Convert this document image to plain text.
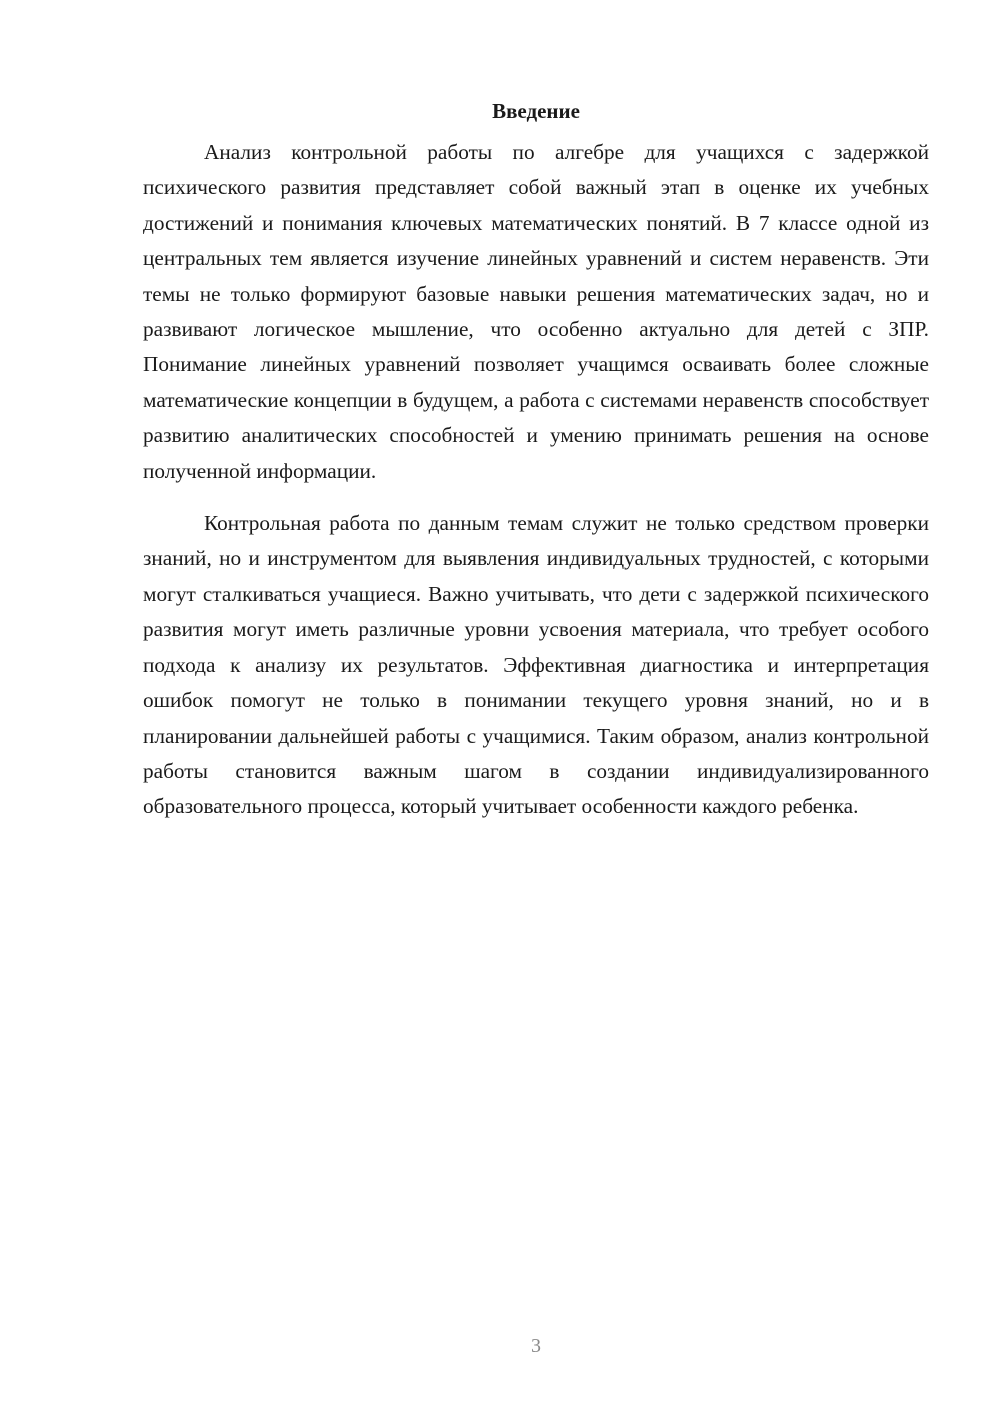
Введение

Анализ контрольной работы по алгебре для учащихся с задержкой психического развития представляет собой важный этап в оценке их учебных достижений и понимания ключевых математических понятий. В 7 классе одной из центральных тем является изучение линейных уравнений и систем неравенств. Эти темы не только формируют базовые навыки решения математических задач, но и развивают логическое мышление, что особенно актуально для детей с ЗПР. Понимание линейных уравнений позволяет учащимся осваивать более сложные математические концепции в будущем, а работа с системами неравенств способствует развитию аналитических способностей и умению принимать решения на основе полученной информации.

Контрольная работа по данным темам служит не только средством проверки знаний, но и инструментом для выявления индивидуальных трудностей, с которыми могут сталкиваться учащиеся. Важно учитывать, что дети с задержкой психического развития могут иметь различные уровни усвоения материала, что требует особого подхода к анализу их результатов. Эффективная диагностика и интерпретация ошибок помогут не только в понимании текущего уровня знаний, но и в планировании дальнейшей работы с учащимися. Таким образом, анализ контрольной работы становится важным шагом в создании индивидуализированного образовательного процесса, который учитывает особенности каждого ребенка.

3
